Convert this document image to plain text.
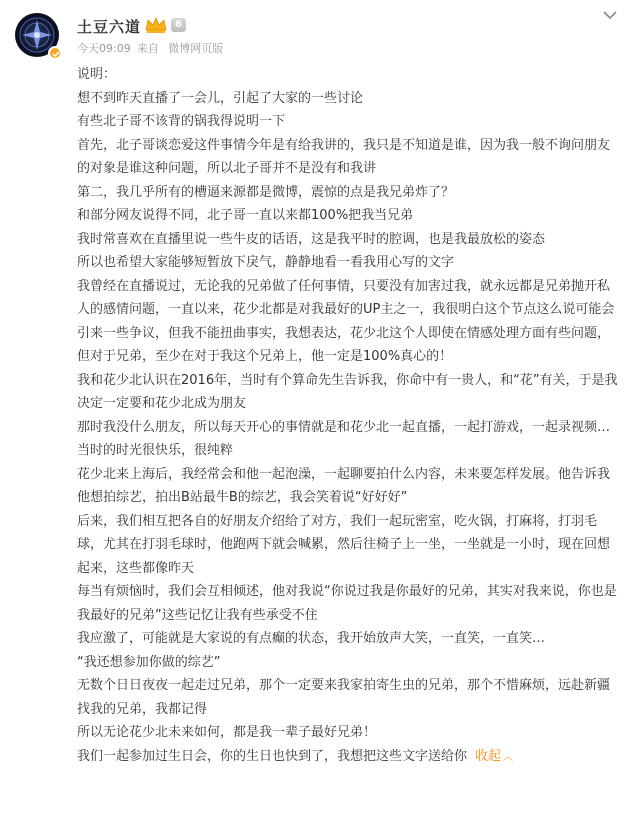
土豆六道	6
今天09:09 来自 微博网页版

说明：

想不到昨天直播了一会儿，引起了大家的一些讨论

有些北子哥不该背的锅我得说明一下

首先，北子哥谈恋爱这件事情今年是有给我讲的，我只是不知道是谁，因为我一般不询问朋友的对象是谁这种问题，所以北子哥并不是没有和我讲

第二，我几乎所有的槽逼来源都是微博，震惊的点是我兄弟炸了？

和部分网友说得不同，北子哥一直以来都100%把我当兄弟

我时常喜欢在直播里说一些牛皮的话语，这是我平时的腔调，也是我最放松的姿态

所以也希望大家能够短暂放下戾气，静静地看一看我用心写的文字

我曾经在直播说过，无论我的兄弟做了任何事情，只要没有加害过我，就永远都是兄弟抛开私人的感情问题，一直以来，花少北都是对我最好的UP主之一，我很明白这个节点这么说可能会引来一些争议，但我不能扭曲事实，我想表达，花少北这个人即使在情感处理方面有些问题，但对于兄弟，至少在对于我这个兄弟上，他一定是100%真心的！

我和花少北认识在2016年，当时有个算命先生告诉我，你命中有一贵人，和“花”有关，于是我决定一定要和花少北成为朋友

那时我没什么朋友，所以每天开心的事情就是和花少北一起直播，一起打游戏，一起录视频…当时的时光很快乐，很纯粹

花少北来上海后，我经常会和他一起泡澡，一起聊要拍什么内容，未来要怎样发展。他告诉我他想拍综艺，拍出B站最牛B的综艺，我会笑着说“好好好”

后来，我们相互把各自的好朋友介绍给了对方，我们一起玩密室，吃火锅，打麻将，打羽毛球，尤其在打羽毛球时，他跑两下就会喊累，然后往椅子上一坐，一坐就是一小时，现在回想起来，这些都像昨天

每当有烦恼时，我们会互相倾述，他对我说“你说过我是你最好的兄弟，其实对我来说，你也是我最好的兄弟”这些记忆让我有些承受不住

我应激了，可能就是大家说的有点癫的状态，我开始放声大笑，一直笑，一直笑…

“我还想参加你做的综艺”

无数个日日夜夜一起走过兄弟，那个一定要来我家拍寄生虫的兄弟，那个不惜麻烦，远赴新疆找我的兄弟，我都记得

所以无论花少北未来如何，都是我一辈子最好兄弟！

我们一起参加过生日会，你的生日也快到了，我想把这些文字送给你 收起 ︿
